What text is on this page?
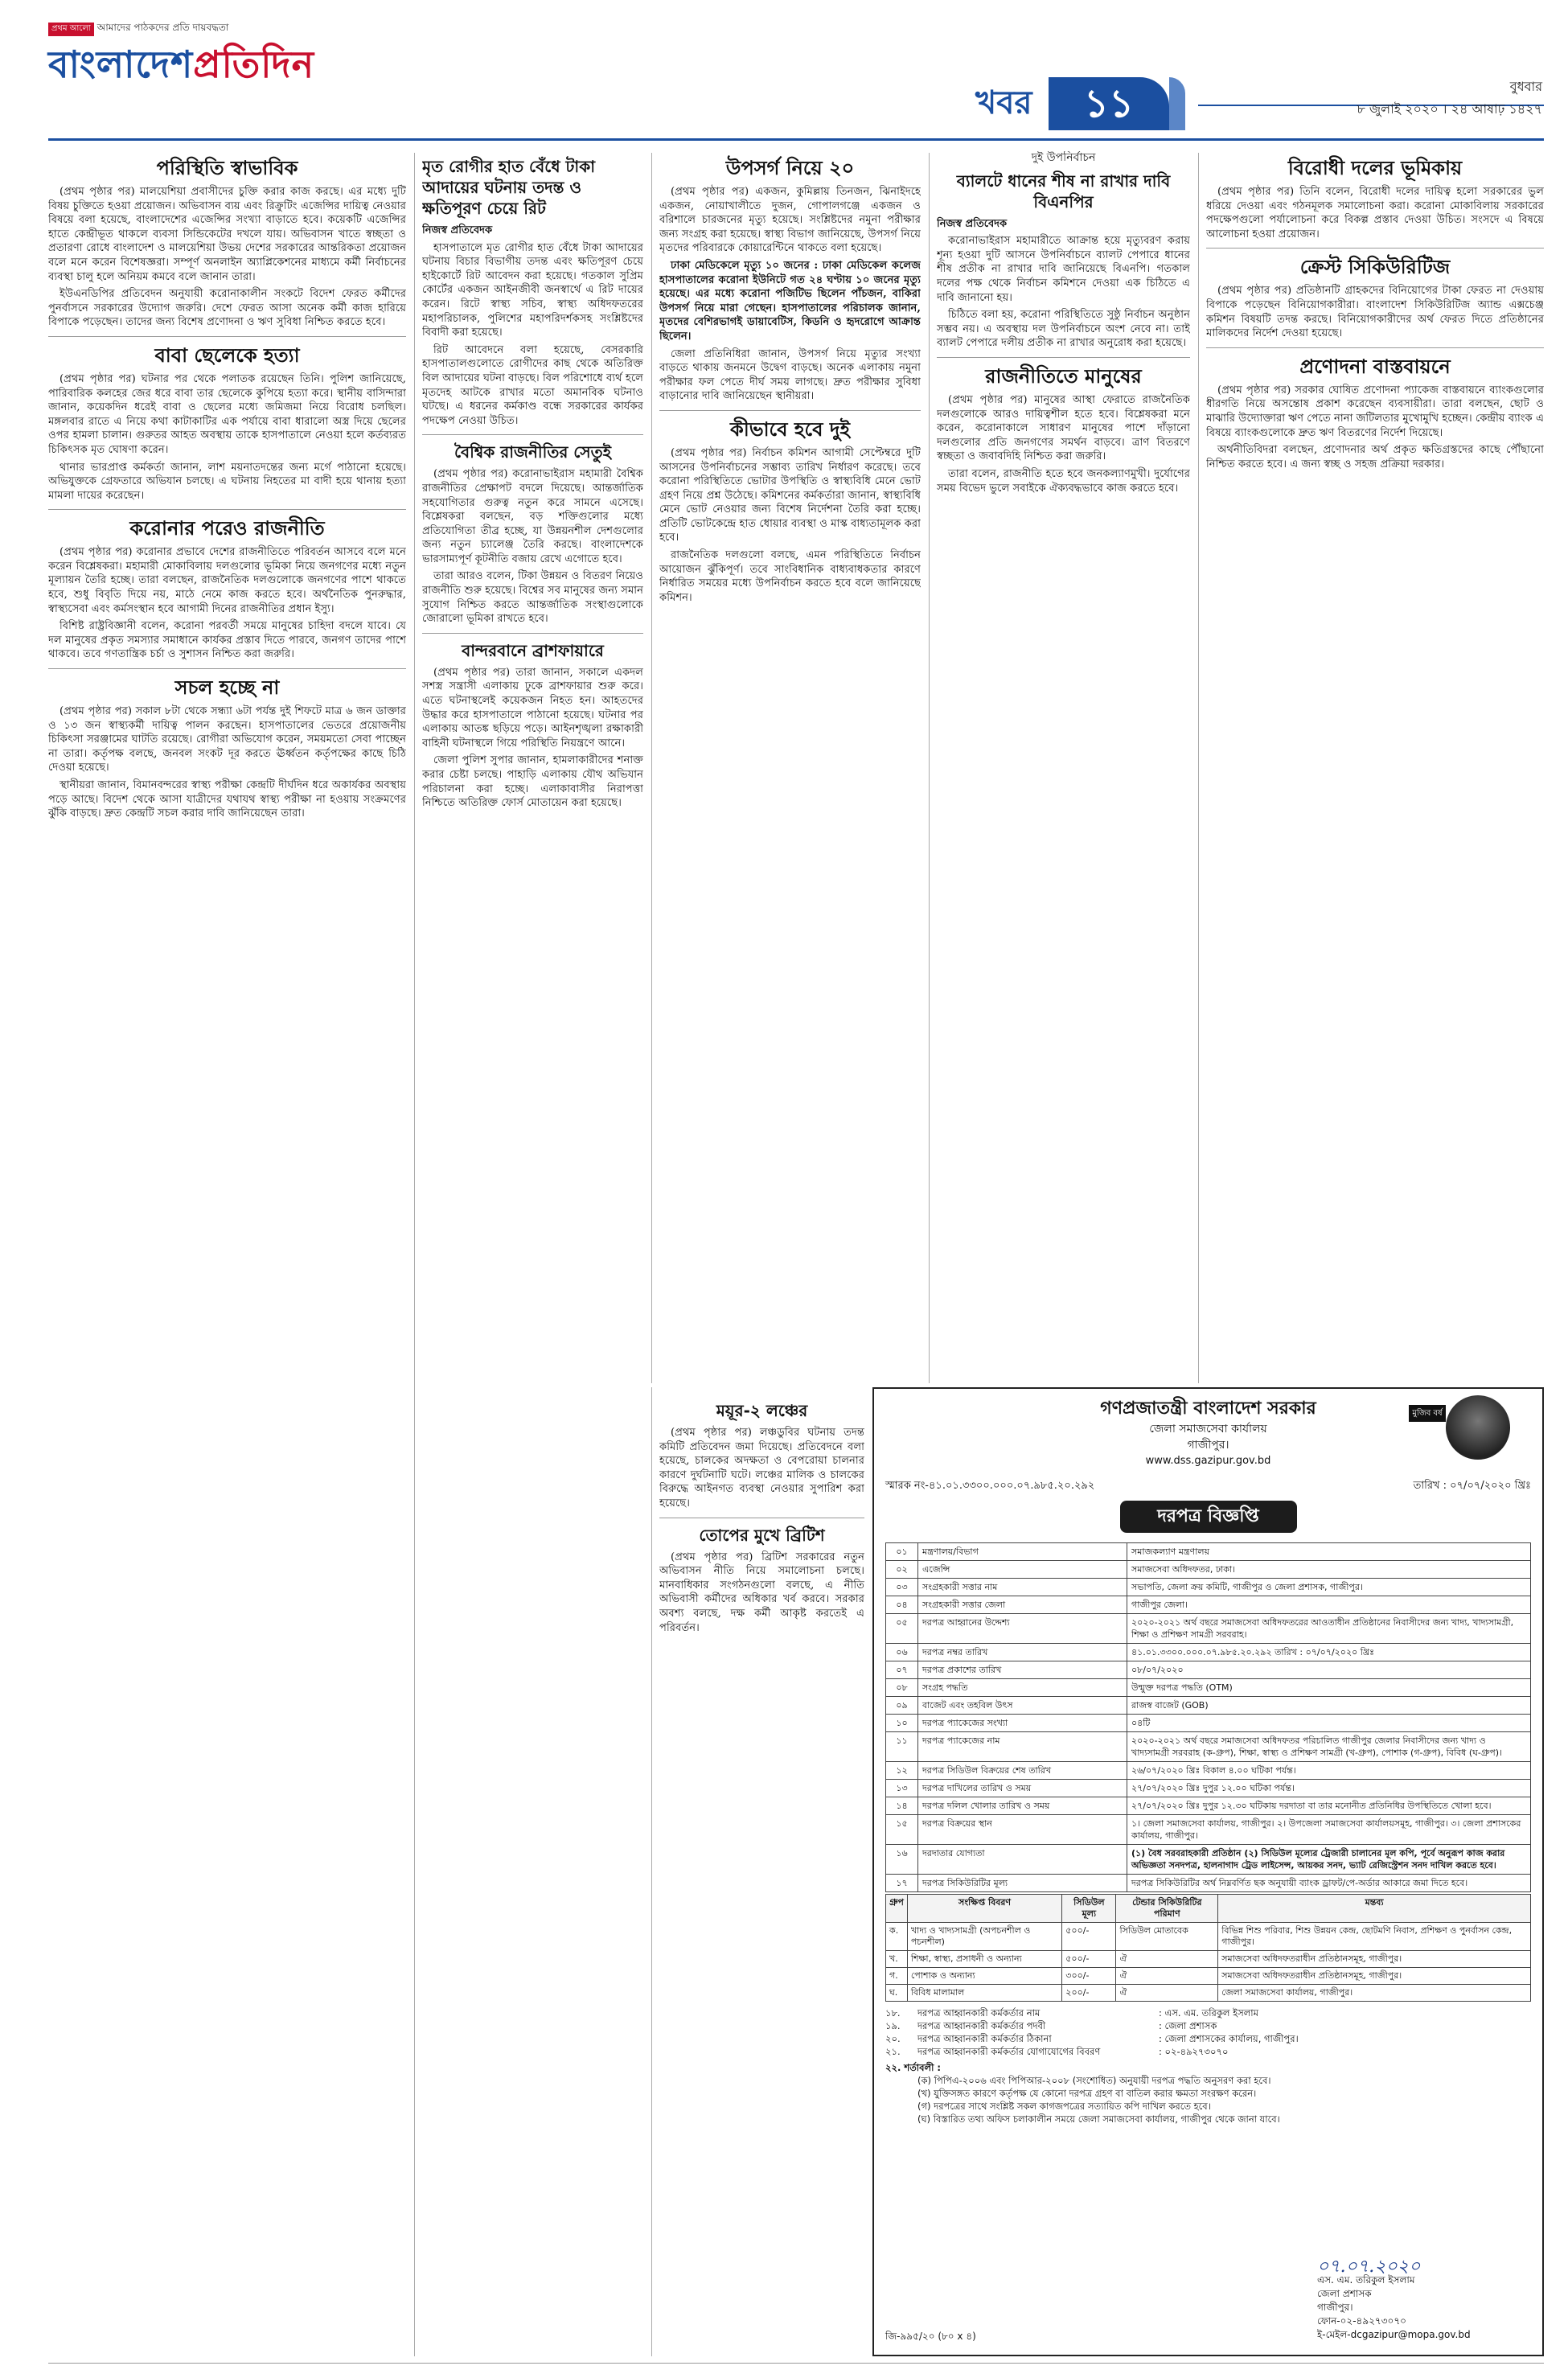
প্রথম আলো আমাদের পাঠকদের প্রতি দায়বদ্ধতা
বাংলাদেশপ্রতিদিন
খবর	১১	বুধবার
৮ জুলাই ২০২০ । ২৪ আষাঢ় ১৪২৭
পরিস্থিতি স্বাভাবিক

(প্রথম পৃষ্ঠার পর) মালয়েশিয়া প্রবাসীদের চুক্তি করার কাজ করছে। এর মধ্যে দুটি বিষয় চুক্তিতে হওয়া প্রয়োজন। অভিবাসন ব্যয় এবং রিক্রুটিং এজেন্সির দায়িত্ব নেওয়ার বিষয়ে বলা হয়েছে, বাংলাদেশের এজেন্সির সংখ্যা বাড়াতে হবে। কয়েকটি এজেন্সির হাতে কেন্দ্রীভূত থাকলে ব্যবসা সিন্ডিকেটের দখলে যায়। অভিবাসন খাতে স্বচ্ছতা ও প্রতারণা রোধে বাংলাদেশ ও মালয়েশিয়া উভয় দেশের সরকারের আন্তরিকতা প্রয়োজন বলে মনে করেন বিশেষজ্ঞরা। সম্পূর্ণ অনলাইন অ্যাপ্লিকেশনের মাধ্যমে কর্মী নির্বাচনের ব্যবস্থা চালু হলে অনিয়ম কমবে বলে জানান তারা।

ইউএনডিপির প্রতিবেদন অনুযায়ী করোনাকালীন সংকটে বিদেশ ফেরত কর্মীদের পুনর্বাসনে সরকারের উদ্যোগ জরুরি। দেশে ফেরত আসা অনেক কর্মী কাজ হারিয়ে বিপাকে পড়েছেন। তাদের জন্য বিশেষ প্রণোদনা ও ঋণ সুবিধা নিশ্চিত করতে হবে।

বাবা ছেলেকে হত্যা

(প্রথম পৃষ্ঠার পর) ঘটনার পর থেকে পলাতক রয়েছেন তিনি। পুলিশ জানিয়েছে, পারিবারিক কলহের জের ধরে বাবা তার ছেলেকে কুপিয়ে হত্যা করে। স্থানীয় বাসিন্দারা জানান, কয়েকদিন ধরেই বাবা ও ছেলের মধ্যে জমিজমা নিয়ে বিরোধ চলছিল। মঙ্গলবার রাতে এ নিয়ে কথা কাটাকাটির এক পর্যায়ে বাবা ধারালো অস্ত্র দিয়ে ছেলের ওপর হামলা চালান। গুরুতর আহত অবস্থায় তাকে হাসপাতালে নেওয়া হলে কর্তব্যরত চিকিৎসক মৃত ঘোষণা করেন।

থানার ভারপ্রাপ্ত কর্মকর্তা জানান, লাশ ময়নাতদন্তের জন্য মর্গে পাঠানো হয়েছে। অভিযুক্তকে গ্রেফতারে অভিযান চলছে। এ ঘটনায় নিহতের মা বাদী হয়ে থানায় হত্যা মামলা দায়ের করেছেন।

করোনার পরেও রাজনীতি

(প্রথম পৃষ্ঠার পর) করোনার প্রভাবে দেশের রাজনীতিতে পরিবর্তন আসবে বলে মনে করেন বিশ্লেষকরা। মহামারী মোকাবিলায় দলগুলোর ভূমিকা নিয়ে জনগণের মধ্যে নতুন মূল্যায়ন তৈরি হচ্ছে। তারা বলছেন, রাজনৈতিক দলগুলোকে জনগণের পাশে থাকতে হবে, শুধু বিবৃতি দিয়ে নয়, মাঠে নেমে কাজ করতে হবে। অর্থনৈতিক পুনরুদ্ধার, স্বাস্থ্যসেবা এবং কর্মসংস্থান হবে আগামী দিনের রাজনীতির প্রধান ইস্যু।

বিশিষ্ট রাষ্ট্রবিজ্ঞানী বলেন, করোনা পরবর্তী সময়ে মানুষের চাহিদা বদলে যাবে। যে দল মানুষের প্রকৃত সমস্যার সমাধানে কার্যকর প্রস্তাব দিতে পারবে, জনগণ তাদের পাশে থাকবে। তবে গণতান্ত্রিক চর্চা ও সুশাসন নিশ্চিত করা জরুরি।

সচল হচ্ছে না

(প্রথম পৃষ্ঠার পর) সকাল ৮টা থেকে সন্ধ্যা ৬টা পর্যন্ত দুই শিফটে মাত্র ৬ জন ডাক্তার ও ১৩ জন স্বাস্থ্যকর্মী দায়িত্ব পালন করছেন। হাসপাতালের ভেতরে প্রয়োজনীয় চিকিৎসা সরঞ্জামের ঘাটতি রয়েছে। রোগীরা অভিযোগ করেন, সময়মতো সেবা পাচ্ছেন না তারা। কর্তৃপক্ষ বলছে, জনবল সংকট দূর করতে ঊর্ধ্বতন কর্তৃপক্ষের কাছে চিঠি দেওয়া হয়েছে।

স্থানীয়রা জানান, বিমানবন্দরের স্বাস্থ্য পরীক্ষা কেন্দ্রটি দীর্ঘদিন ধরে অকার্যকর অবস্থায় পড়ে আছে। বিদেশ থেকে আসা যাত্রীদের যথাযথ স্বাস্থ্য পরীক্ষা না হওয়ায় সংক্রমণের ঝুঁকি বাড়ছে। দ্রুত কেন্দ্রটি সচল করার দাবি জানিয়েছেন তারা।

মৃত রোগীর হাত বেঁধে টাকা আদায়ের ঘটনায় তদন্ত ও ক্ষতিপূরণ চেয়ে রিট
নিজস্ব প্রতিবেদক

হাসপাতালে মৃত রোগীর হাত বেঁধে টাকা আদায়ের ঘটনায় বিচার বিভাগীয় তদন্ত এবং ক্ষতিপূরণ চেয়ে হাইকোর্টে রিট আবেদন করা হয়েছে। গতকাল সুপ্রিম কোর্টের একজন আইনজীবী জনস্বার্থে এ রিট দায়ের করেন। রিটে স্বাস্থ্য সচিব, স্বাস্থ্য অধিদফতরের মহাপরিচালক, পুলিশের মহাপরিদর্শকসহ সংশ্লিষ্টদের বিবাদী করা হয়েছে।

রিট আবেদনে বলা হয়েছে, বেসরকারি হাসপাতালগুলোতে রোগীদের কাছ থেকে অতিরিক্ত বিল আদায়ের ঘটনা বাড়ছে। বিল পরিশোধে ব্যর্থ হলে মৃতদেহ আটকে রাখার মতো অমানবিক ঘটনাও ঘটছে। এ ধরনের কর্মকাণ্ড বন্ধে সরকারের কার্যকর পদক্ষেপ নেওয়া উচিত।

বৈশ্বিক রাজনীতির সেতুই

(প্রথম পৃষ্ঠার পর) করোনাভাইরাস মহামারী বৈশ্বিক রাজনীতির প্রেক্ষাপট বদলে দিয়েছে। আন্তর্জাতিক সহযোগিতার গুরুত্ব নতুন করে সামনে এসেছে। বিশ্লেষকরা বলছেন, বড় শক্তিগুলোর মধ্যে প্রতিযোগিতা তীব্র হচ্ছে, যা উন্নয়নশীল দেশগুলোর জন্য নতুন চ্যালেঞ্জ তৈরি করছে। বাংলাদেশকে ভারসাম্যপূর্ণ কূটনীতি বজায় রেখে এগোতে হবে।

তারা আরও বলেন, টিকা উন্নয়ন ও বিতরণ নিয়েও রাজনীতি শুরু হয়েছে। বিশ্বের সব মানুষের জন্য সমান সুযোগ নিশ্চিত করতে আন্তর্জাতিক সংস্থাগুলোকে জোরালো ভূমিকা রাখতে হবে।

বান্দরবানে ব্রাশফায়ারে

(প্রথম পৃষ্ঠার পর) তারা জানান, সকালে একদল সশস্ত্র সন্ত্রাসী এলাকায় ঢুকে ব্রাশফায়ার শুরু করে। এতে ঘটনাস্থলেই কয়েকজন নিহত হন। আহতদের উদ্ধার করে হাসপাতালে পাঠানো হয়েছে। ঘটনার পর এলাকায় আতঙ্ক ছড়িয়ে পড়ে। আইনশৃঙ্খলা রক্ষাকারী বাহিনী ঘটনাস্থলে গিয়ে পরিস্থিতি নিয়ন্ত্রণে আনে।

জেলা পুলিশ সুপার জানান, হামলাকারীদের শনাক্ত করার চেষ্টা চলছে। পাহাড়ি এলাকায় যৌথ অভিযান পরিচালনা করা হচ্ছে। এলাকাবাসীর নিরাপত্তা নিশ্চিতে অতিরিক্ত ফোর্স মোতায়েন করা হয়েছে।

উপসর্গ নিয়ে ২০

(প্রথম পৃষ্ঠার পর) একজন, কুমিল্লায় তিনজন, ঝিনাইদহে একজন, নোয়াখালীতে দুজন, গোপালগঞ্জে একজন ও বরিশালে চারজনের মৃত্যু হয়েছে। সংশ্লিষ্টদের নমুনা পরীক্ষার জন্য সংগ্রহ করা হয়েছে। স্বাস্থ্য বিভাগ জানিয়েছে, উপসর্গ নিয়ে মৃতদের পরিবারকে কোয়ারেন্টিনে থাকতে বলা হয়েছে।

ঢাকা মেডিকেলে মৃত্যু ১০ জনের : ঢাকা মেডিকেল কলেজ হাসপাতালের করোনা ইউনিটে গত ২৪ ঘণ্টায় ১০ জনের মৃত্যু হয়েছে। এর মধ্যে করোনা পজিটিভ ছিলেন পাঁচজন, বাকিরা উপসর্গ নিয়ে মারা গেছেন। হাসপাতালের পরিচালক জানান, মৃতদের বেশিরভাগই ডায়াবেটিস, কিডনি ও হৃদরোগে আক্রান্ত ছিলেন।

জেলা প্রতিনিধিরা জানান, উপসর্গ নিয়ে মৃত্যুর সংখ্যা বাড়তে থাকায় জনমনে উদ্বেগ বাড়ছে। অনেক এলাকায় নমুনা পরীক্ষার ফল পেতে দীর্ঘ সময় লাগছে। দ্রুত পরীক্ষার সুবিধা বাড়ানোর দাবি জানিয়েছেন স্থানীয়রা।

কীভাবে হবে দুই

(প্রথম পৃষ্ঠার পর) নির্বাচন কমিশন আগামী সেপ্টেম্বরে দুটি আসনের উপনির্বাচনের সম্ভাব্য তারিখ নির্ধারণ করেছে। তবে করোনা পরিস্থিতিতে ভোটার উপস্থিতি ও স্বাস্থ্যবিধি মেনে ভোট গ্রহণ নিয়ে প্রশ্ন উঠেছে। কমিশনের কর্মকর্তারা জানান, স্বাস্থ্যবিধি মেনে ভোট নেওয়ার জন্য বিশেষ নির্দেশনা তৈরি করা হচ্ছে। প্রতিটি ভোটকেন্দ্রে হাত ধোয়ার ব্যবস্থা ও মাস্ক বাধ্যতামূলক করা হবে।

রাজনৈতিক দলগুলো বলছে, এমন পরিস্থিতিতে নির্বাচন আয়োজন ঝুঁকিপূর্ণ। তবে সাংবিধানিক বাধ্যবাধকতার কারণে নির্ধারিত সময়ের মধ্যে উপনির্বাচন করতে হবে বলে জানিয়েছে কমিশন।

ময়ূর-২ লঞ্চের

(প্রথম পৃষ্ঠার পর) লঞ্চডুবির ঘটনায় তদন্ত কমিটি প্রতিবেদন জমা দিয়েছে। প্রতিবেদনে বলা হয়েছে, চালকের অদক্ষতা ও বেপরোয়া চালনার কারণে দুর্ঘটনাটি ঘটে। লঞ্চের মালিক ও চালকের বিরুদ্ধে আইনগত ব্যবস্থা নেওয়ার সুপারিশ করা হয়েছে।

তোপের মুখে ব্রিটিশ

(প্রথম পৃষ্ঠার পর) ব্রিটিশ সরকারের নতুন অভিবাসন নীতি নিয়ে সমালোচনা চলছে। মানবাধিকার সংগঠনগুলো বলছে, এ নীতি অভিবাসী কর্মীদের অধিকার খর্ব করবে। সরকার অবশ্য বলছে, দক্ষ কর্মী আকৃষ্ট করতেই এ পরিবর্তন।

দুই উপনির্বাচন
ব্যালটে ধানের শীষ না রাখার দাবি বিএনপির
নিজস্ব প্রতিবেদক

করোনাভাইরাস মহামারীতে আক্রান্ত হয়ে মৃত্যুবরণ করায় শূন্য হওয়া দুটি আসনে উপনির্বাচনে ব্যালট পেপারে ধানের শীষ প্রতীক না রাখার দাবি জানিয়েছে বিএনপি। গতকাল দলের পক্ষ থেকে নির্বাচন কমিশনে দেওয়া এক চিঠিতে এ দাবি জানানো হয়।

চিঠিতে বলা হয়, করোনা পরিস্থিতিতে সুষ্ঠু নির্বাচন অনুষ্ঠান সম্ভব নয়। এ অবস্থায় দল উপনির্বাচনে অংশ নেবে না। তাই ব্যালট পেপারে দলীয় প্রতীক না রাখার অনুরোধ করা হয়েছে।

রাজনীতিতে মানুষের

(প্রথম পৃষ্ঠার পর) মানুষের আস্থা ফেরাতে রাজনৈতিক দলগুলোকে আরও দায়িত্বশীল হতে হবে। বিশ্লেষকরা মনে করেন, করোনাকালে সাধারণ মানুষের পাশে দাঁড়ানো দলগুলোর প্রতি জনগণের সমর্থন বাড়বে। ত্রাণ বিতরণে স্বচ্ছতা ও জবাবদিহি নিশ্চিত করা জরুরি।

তারা বলেন, রাজনীতি হতে হবে জনকল্যাণমুখী। দুর্যোগের সময় বিভেদ ভুলে সবাইকে ঐক্যবদ্ধভাবে কাজ করতে হবে।

বিরোধী দলের ভূমিকায়

(প্রথম পৃষ্ঠার পর) তিনি বলেন, বিরোধী দলের দায়িত্ব হলো সরকারের ভুল ধরিয়ে দেওয়া এবং গঠনমূলক সমালোচনা করা। করোনা মোকাবিলায় সরকারের পদক্ষেপগুলো পর্যালোচনা করে বিকল্প প্রস্তাব দেওয়া উচিত। সংসদে এ বিষয়ে আলোচনা হওয়া প্রয়োজন।

ক্রেস্ট সিকিউরিটিজ

(প্রথম পৃষ্ঠার পর) প্রতিষ্ঠানটি গ্রাহকদের বিনিয়োগের টাকা ফেরত না দেওয়ায় বিপাকে পড়েছেন বিনিয়োগকারীরা। বাংলাদেশ সিকিউরিটিজ অ্যান্ড এক্সচেঞ্জ কমিশন বিষয়টি তদন্ত করছে। বিনিয়োগকারীদের অর্থ ফেরত দিতে প্রতিষ্ঠানের মালিকদের নির্দেশ দেওয়া হয়েছে।

প্রণোদনা বাস্তবায়নে

(প্রথম পৃষ্ঠার পর) সরকার ঘোষিত প্রণোদনা প্যাকেজ বাস্তবায়নে ব্যাংকগুলোর ধীরগতি নিয়ে অসন্তোষ প্রকাশ করেছেন ব্যবসায়ীরা। তারা বলছেন, ছোট ও মাঝারি উদ্যোক্তারা ঋণ পেতে নানা জটিলতার মুখোমুখি হচ্ছেন। কেন্দ্রীয় ব্যাংক এ বিষয়ে ব্যাংকগুলোকে দ্রুত ঋণ বিতরণের নির্দেশ দিয়েছে।

অর্থনীতিবিদরা বলছেন, প্রণোদনার অর্থ প্রকৃত ক্ষতিগ্রস্তদের কাছে পৌঁছানো নিশ্চিত করতে হবে। এ জন্য স্বচ্ছ ও সহজ প্রক্রিয়া দরকার।

মুজিব বর্ষ
গণপ্রজাতন্ত্রী বাংলাদেশ সরকার
জেলা সমাজসেবা কার্যালয়
গাজীপুর।
www.dss.gazipur.gov.bd
স্মারক নং-৪১.০১.৩৩০০.০০০.০৭.৯৮৫.২০.২৯২	তারিখ : ০৭/০৭/২০২০ খ্রিঃ
দরপত্র বিজ্ঞপ্তি
০১	মন্ত্রণালয়/বিভাগ	সমাজকল্যাণ মন্ত্রণালয়
০২	এজেন্সি	সমাজসেবা অধিদফতর, ঢাকা।
০৩	সংগ্রহকারী সত্তার নাম	সভাপতি, জেলা ক্রয় কমিটি, গাজীপুর ও জেলা প্রশাসক, গাজীপুর।
০৪	সংগ্রহকারী সত্তার জেলা	গাজীপুর জেলা।
০৫	দরপত্র আহ্বানের উদ্দেশ্য	২০২০-২০২১ অর্থ বছরে সমাজসেবা অধিদফতরের আওতাধীন প্রতিষ্ঠানের নিবাসীদের জন্য খাদ্য, খাদ্যসামগ্রী, শিক্ষা ও প্রশিক্ষণ সামগ্রী সরবরাহ।
০৬	দরপত্র নম্বর তারিখ	৪১.০১.৩৩০০.০০০.০৭.৯৮৫.২০.২৯২ তারিখ : ০৭/০৭/২০২০ খ্রিঃ
০৭	দরপত্র প্রকাশের তারিখ	০৮/০৭/২০২০
০৮	সংগ্রহ পদ্ধতি	উন্মুক্ত দরপত্র পদ্ধতি (OTM)
০৯	বাজেট এবং তহবিল উৎস	রাজস্ব বাজেট (GOB)
১০	দরপত্র প্যাকেজের সংখ্যা	০৪টি
১১	দরপত্র প্যাকেজের নাম	২০২০-২০২১ অর্থ বছরে সমাজসেবা অধিদফতর পরিচালিত গাজীপুর জেলার নিবাসীদের জন্য খাদ্য ও খাদ্যসামগ্রী সরবরাহ (ক-গ্রুপ), শিক্ষা, স্বাস্থ্য ও প্রশিক্ষণ সামগ্রী (খ-গ্রুপ), পোশাক (গ-গ্রুপ), বিবিধ (ঘ-গ্রুপ)।
১২	দরপত্র সিডিউল বিক্রয়ের শেষ তারিখ	২৬/০৭/২০২০ খ্রিঃ বিকাল ৪.০০ ঘটিকা পর্যন্ত।
১৩	দরপত্র দাখিলের তারিখ ও সময়	২৭/০৭/২০২০ খ্রিঃ দুপুর ১২.০০ ঘটিকা পর্যন্ত।
১৪	দরপত্র দলিল খোলার তারিখ ও সময়	২৭/০৭/২০২০ খ্রিঃ দুপুর ১২.৩০ ঘটিকায় দরদাতা বা তার মনোনীত প্রতিনিধির উপস্থিতিতে খোলা হবে।
১৫	দরপত্র বিক্রয়ের স্থান	১। জেলা সমাজসেবা কার্যালয়, গাজীপুর। ২। উপজেলা সমাজসেবা কার্যালয়সমূহ, গাজীপুর। ৩। জেলা প্রশাসকের কার্যালয়, গাজীপুর।
১৬	দরদাতার যোগ্যতা	(১) বৈধ সরবরাহকারী প্রতিষ্ঠান (২) সিডিউল মূল্যের ট্রেজারী চালানের মূল কপি, পূর্বে অনুরূপ কাজ করার অভিজ্ঞতা সনদপত্র, হালনাগাদ ট্রেড লাইসেন্স, আয়কর সনদ, ভ্যাট রেজিস্ট্রেশন সনদ দাখিল করতে হবে।
১৭	দরপত্র সিকিউরিটির মূল্য	দরপত্র সিকিউরিটির অর্থ নিম্নবর্ণিত ছক অনুযায়ী ব্যাংক ড্রাফট/পে-অর্ডার আকারে জমা দিতে হবে।
গ্রুপ	সংক্ষিপ্ত বিবরণ	সিডিউল মূল্য	টেন্ডার সিকিউরিটির পরিমাণ	মন্তব্য
ক.	খাদ্য ও খাদ্যসামগ্রী (অপচনশীল ও পচনশীল)	৫০০/-	সিডিউল মোতাবেক	বিভিন্ন শিশু পরিবার, শিশু উন্নয়ন কেন্দ্র, ছোটমণি নিবাস, প্রশিক্ষণ ও পুনর্বাসন কেন্দ্র, গাজীপুর।
খ.	শিক্ষা, স্বাস্থ্য, প্রসাধনী ও অন্যান্য	৫০০/-	ঐ	সমাজসেবা অধিদফতরাধীন প্রতিষ্ঠানসমূহ, গাজীপুর।
গ.	পোশাক ও অন্যান্য	৩০০/-	ঐ	সমাজসেবা অধিদফতরাধীন প্রতিষ্ঠানসমূহ, গাজীপুর।
ঘ.	বিবিধ মালামাল	২০০/-	ঐ	জেলা সমাজসেবা কার্যালয়, গাজীপুর।
১৮.	দরপত্র আহ্বানকারী কর্মকর্তার নাম	: এস. এম. তরিকুল ইসলাম
১৯.	দরপত্র আহ্বানকারী কর্মকর্তার পদবী	: জেলা প্রশাসক
২০.	দরপত্র আহ্বানকারী কর্মকর্তার ঠিকানা	: জেলা প্রশাসকের কার্যালয়, গাজীপুর।
২১.	দরপত্র আহ্বানকারী কর্মকর্তার যোগাযোগের বিবরণ	: ০২-৪৯২৭৩০৭০
২২. শর্তাবলী :
(ক) পিপিএ-২০০৬ এবং পিপিআর-২০০৮ (সংশোধিত) অনুযায়ী দরপত্র পদ্ধতি অনুসরণ করা হবে।
(খ) যুক্তিসঙ্গত কারণে কর্তৃপক্ষ যে কোনো দরপত্র গ্রহণ বা বাতিল করার ক্ষমতা সংরক্ষণ করেন।
(গ) দরপত্রের সাথে সংশ্লিষ্ট সকল কাগজপত্রের সত্যায়িত কপি দাখিল করতে হবে।
(ঘ) বিস্তারিত তথ্য অফিস চলাকালীন সময়ে জেলা সমাজসেবা কার্যালয়, গাজীপুর থেকে জানা যাবে।
০৭.০৭.২০২০
এস. এম. তরিকুল ইসলাম
জেলা প্রশাসক
গাজীপুর।
ফোন-০২-৪৯২৭৩০৭০
ই-মেইল-dcgazipur@mopa.gov.bd
জি-৯৯৫/২০ (৮০ x ৪)
